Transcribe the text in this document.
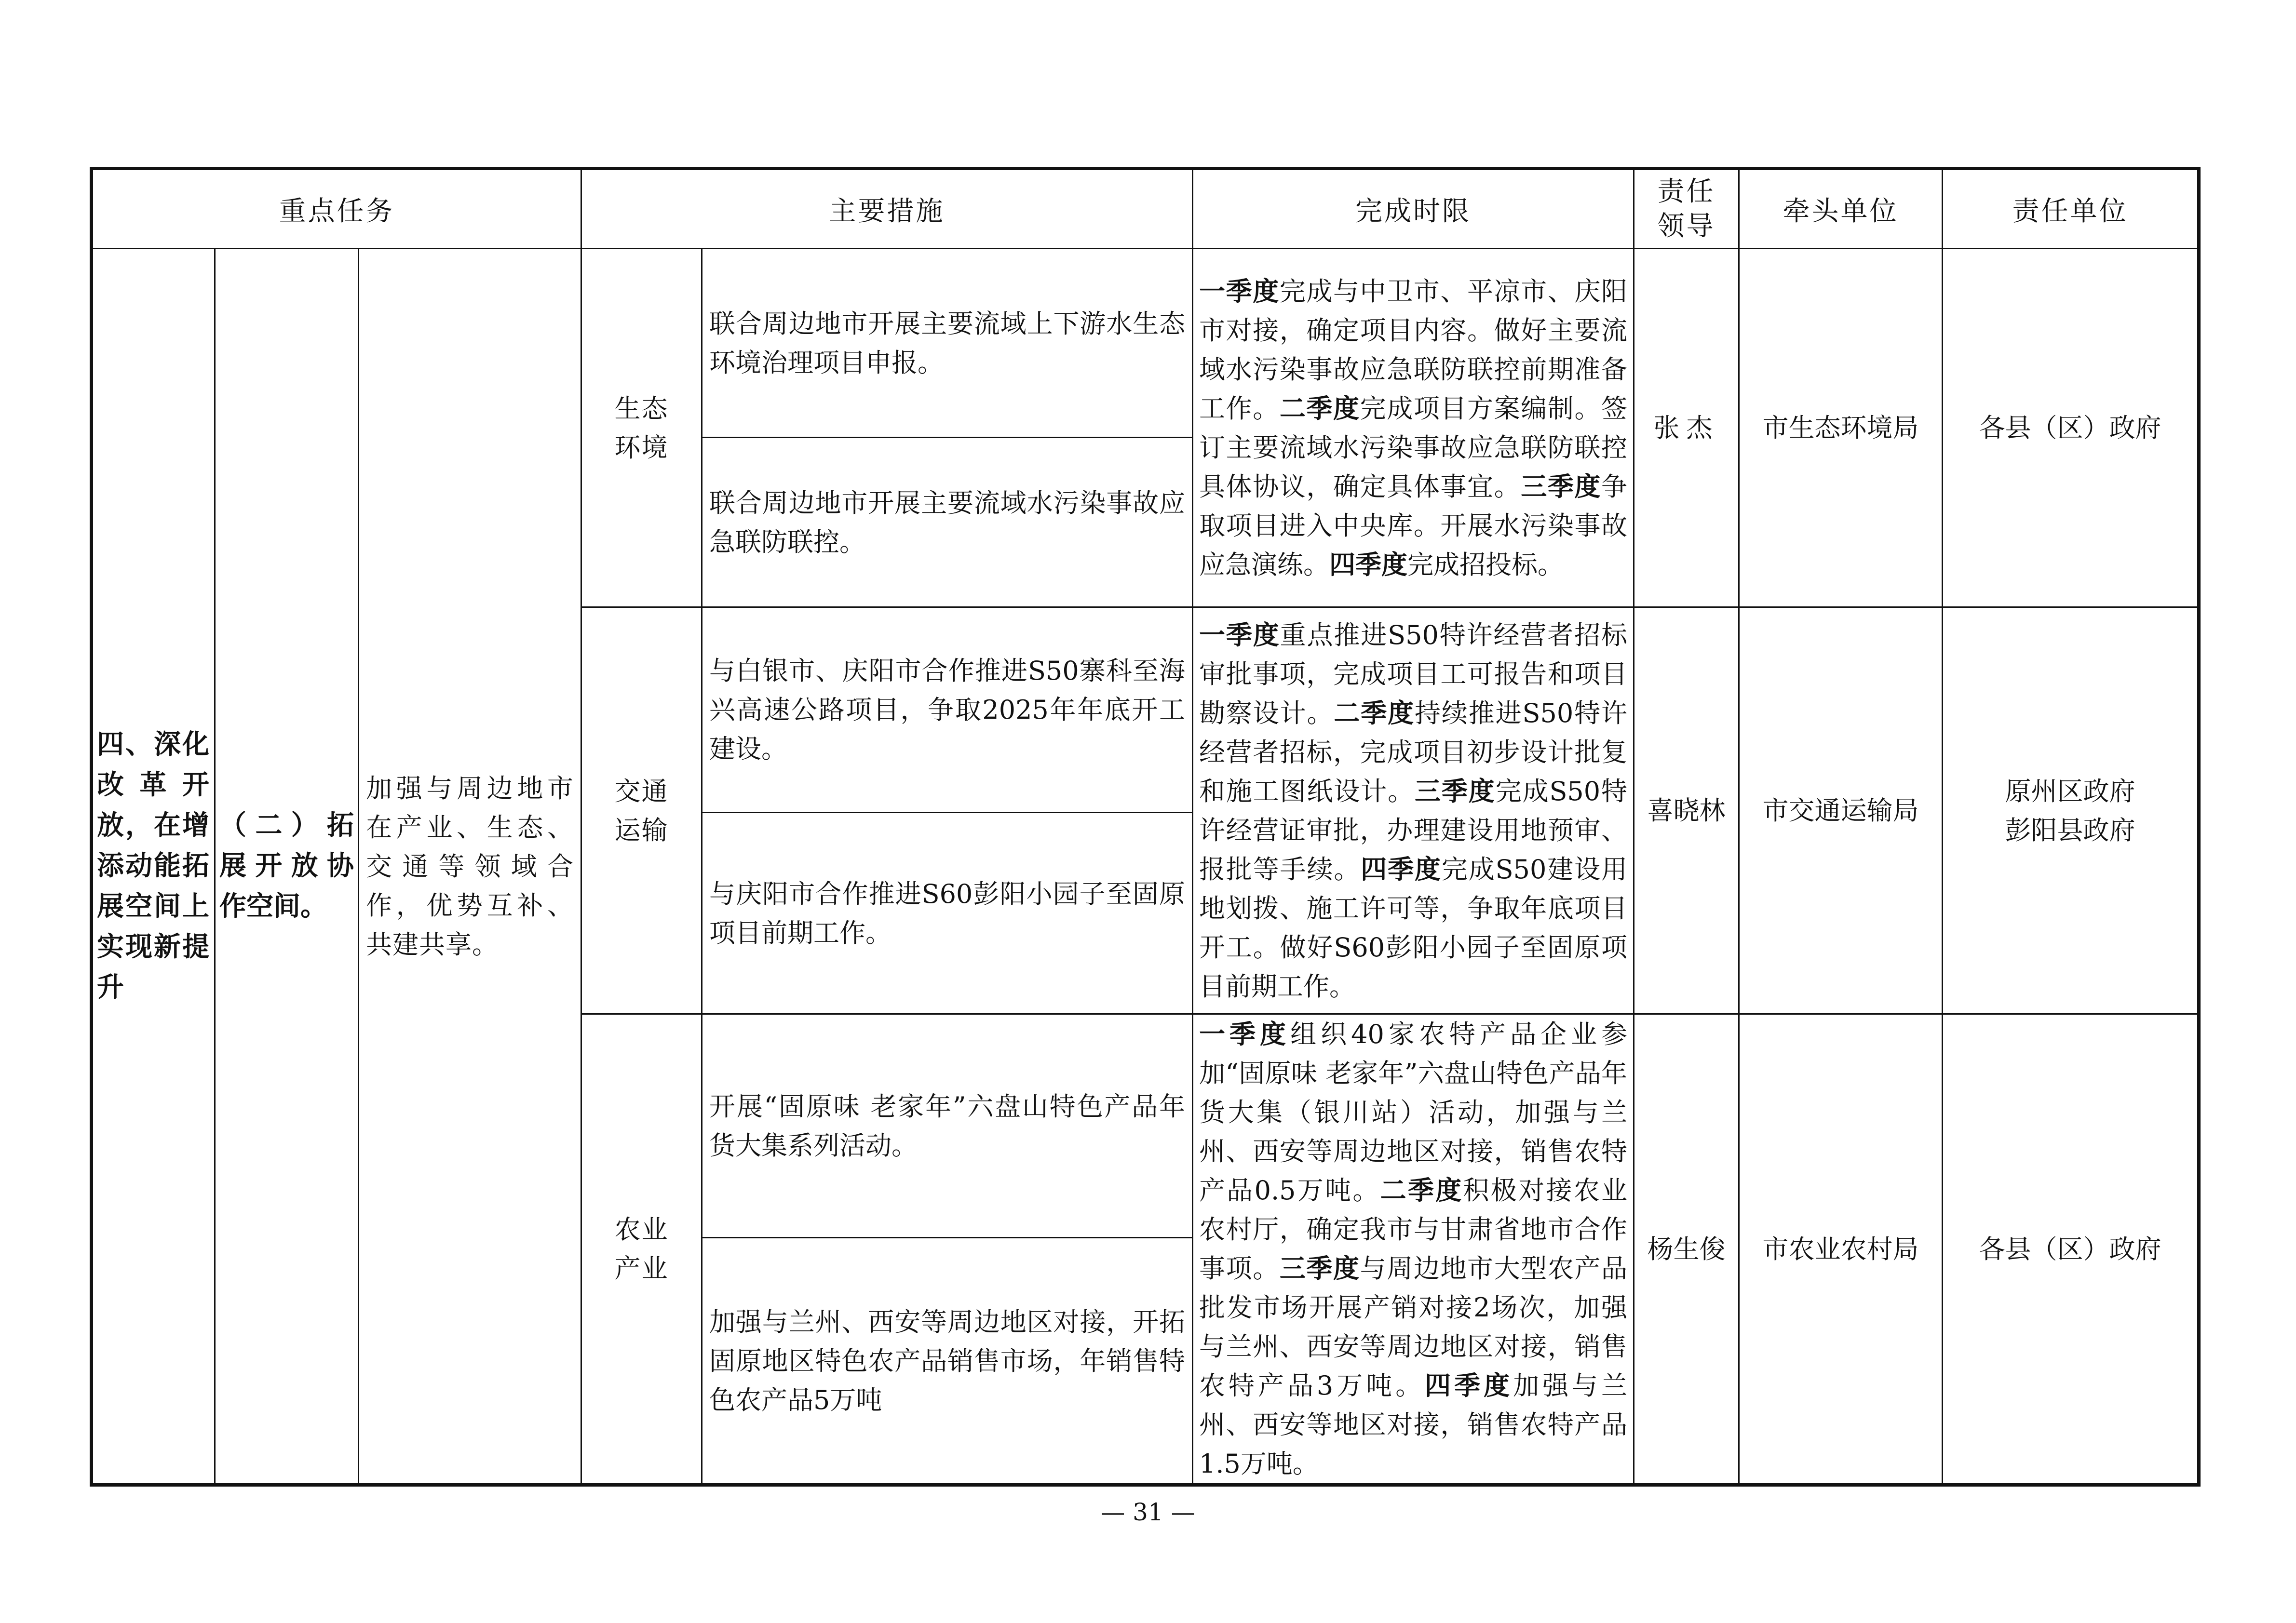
重点任务			主要措施		完成时限	责任领导	牵头单位	责任单位
四、深化改革开放，在增添动能拓展空间上实现新提升	（二）拓展开放协作空间。	加强与周边地市在产业、生态、交通等领域合作，优势互补、共建共享。	生态环境	联合周边地市开展主要流域上下游水生态环境治理项目申报。	一季度完成与中卫市、平凉市、庆阳市对接，确定项目内容。做好主要流域水污染事故应急联防联控前期准备工作。二季度完成项目方案编制。签订主要流域水污染事故应急联防联控具体协议，确定具体事宜。三季度争取项目进入中央库。开展水污染事故应急演练。四季度完成招投标。	张杰	市生态环境局	各县（区）政府
				联合周边地市开展主要流域水污染事故应急联防联控。				
			交通运输	与白银市、庆阳市合作推进S50寨科至海兴高速公路项目，争取2025年年底开工建设。	一季度重点推进S50特许经营者招标审批事项，完成项目工可报告和项目勘察设计。二季度持续推进S50特许经营者招标，完成项目初步设计批复和施工图纸设计。三季度完成S50特许经营证审批，办理建设用地预审、报批等手续。四季度完成S50建设用地划拨、施工许可等，争取年底项目开工。做好S60彭阳小园子至固原项目前期工作。	喜晓林	市交通运输局	原州区政府
彭阳县政府

				与庆阳市合作推进S60彭阳小园子至固原项目前期工作。				
			农业产业	开展“固原味 老家年”六盘山特色产品年货大集系列活动。	一季度组织40家农特产品企业参加“固原味 老家年”六盘山特色产品年货大集（银川站）活动，加强与兰州、西安等周边地区对接，销售农特产品0.5万吨。二季度积极对接农业农村厅，确定我市与甘肃省地市合作事项。三季度与周边地市大型农产品批发市场开展产销对接2场次，加强与兰州、西安等周边地区对接，销售农特产品3万吨。四季度加强与兰州、西安等地区对接，销售农特产品1.5万吨。	杨生俊	市农业农村局	各县（区）政府
				加强与兰州、西安等周边地区对接，开拓固原地区特色农产品销售市场，年销售特色农产品5万吨				
— 31 —
